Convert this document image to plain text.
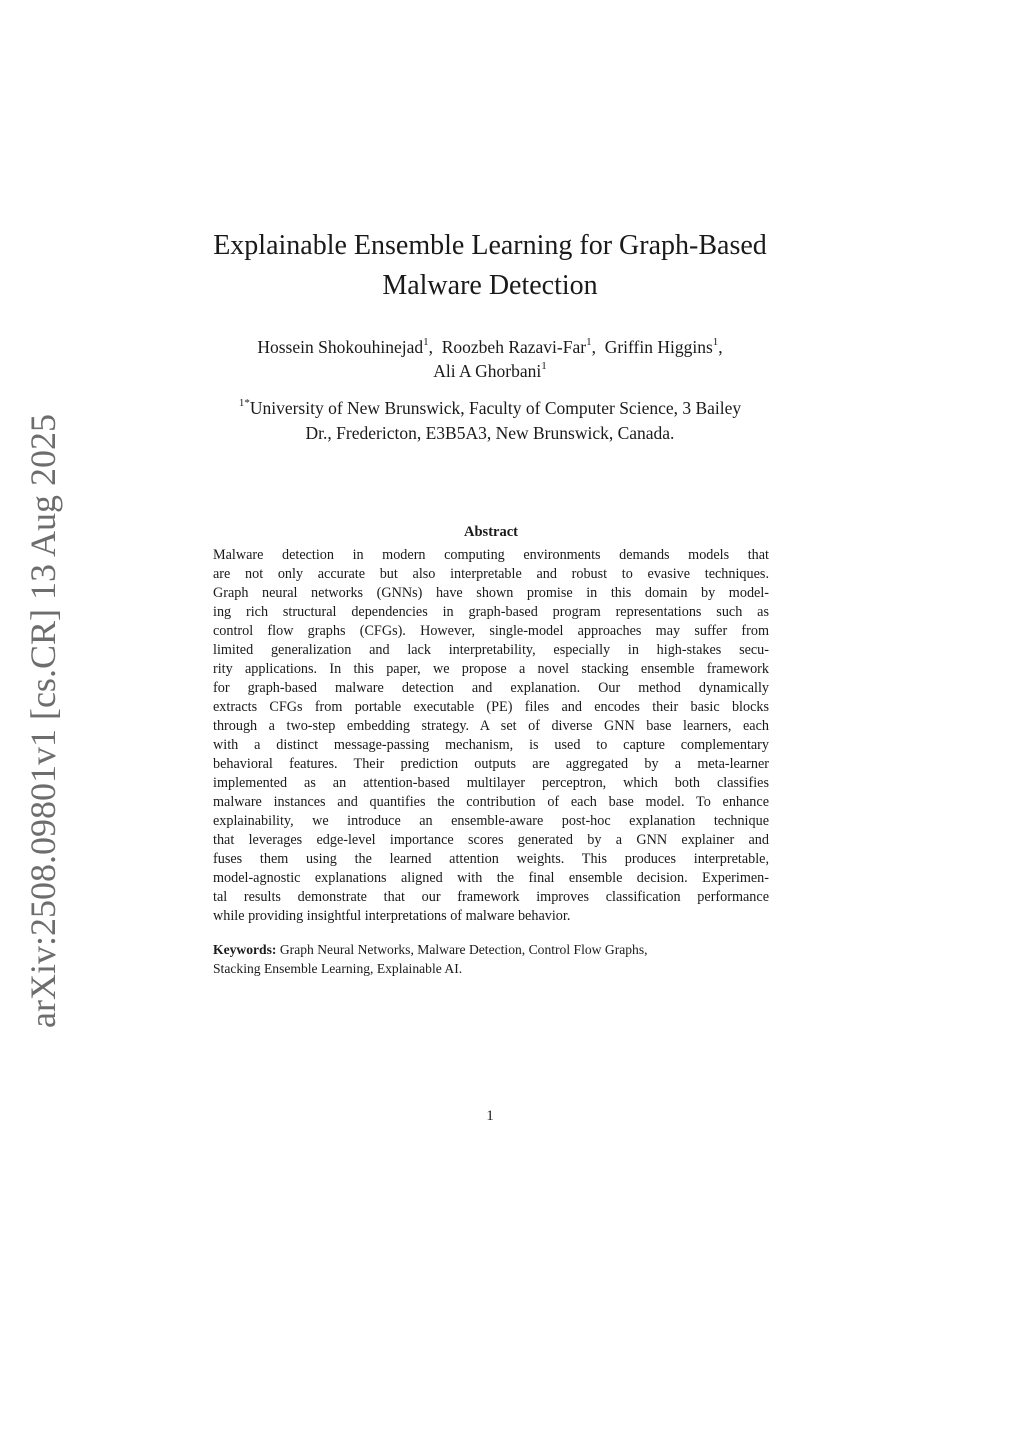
arXiv:2508.09801v1 [cs.CR] 13 Aug 2025
Explainable Ensemble Learning for Graph-Based
Malware Detection
Hossein Shokouhinejad$^1$, Roozbeh Razavi-Far$^1$, Griffin Higgins$^1$,
Ali A Ghorbani$^1$
$^{1*}$University of New Brunswick, Faculty of Computer Science, 3 Bailey
Dr., Fredericton, E3B5A3, New Brunswick, Canada.
Abstract
Malware detection in modern computing environments demands models that
are not only accurate but also interpretable and robust to evasive techniques.
Graph neural networks (GNNs) have shown promise in this domain by model-
ing rich structural dependencies in graph-based program representations such as
control flow graphs (CFGs). However, single-model approaches may suffer from
limited generalization and lack interpretability, especially in high-stakes secu-
rity applications. In this paper, we propose a novel stacking ensemble framework
for graph-based malware detection and explanation. Our method dynamically
extracts CFGs from portable executable (PE) files and encodes their basic blocks
through a two-step embedding strategy. A set of diverse GNN base learners, each
with a distinct message-passing mechanism, is used to capture complementary
behavioral features. Their prediction outputs are aggregated by a meta-learner
implemented as an attention-based multilayer perceptron, which both classifies
malware instances and quantifies the contribution of each base model. To enhance
explainability, we introduce an ensemble-aware post-hoc explanation technique
that leverages edge-level importance scores generated by a GNN explainer and
fuses them using the learned attention weights. This produces interpretable,
model-agnostic explanations aligned with the final ensemble decision. Experimen-
tal results demonstrate that our framework improves classification performance
while providing insightful interpretations of malware behavior.
Keywords: Graph Neural Networks, Malware Detection, Control Flow Graphs,
Stacking Ensemble Learning, Explainable AI.
1
